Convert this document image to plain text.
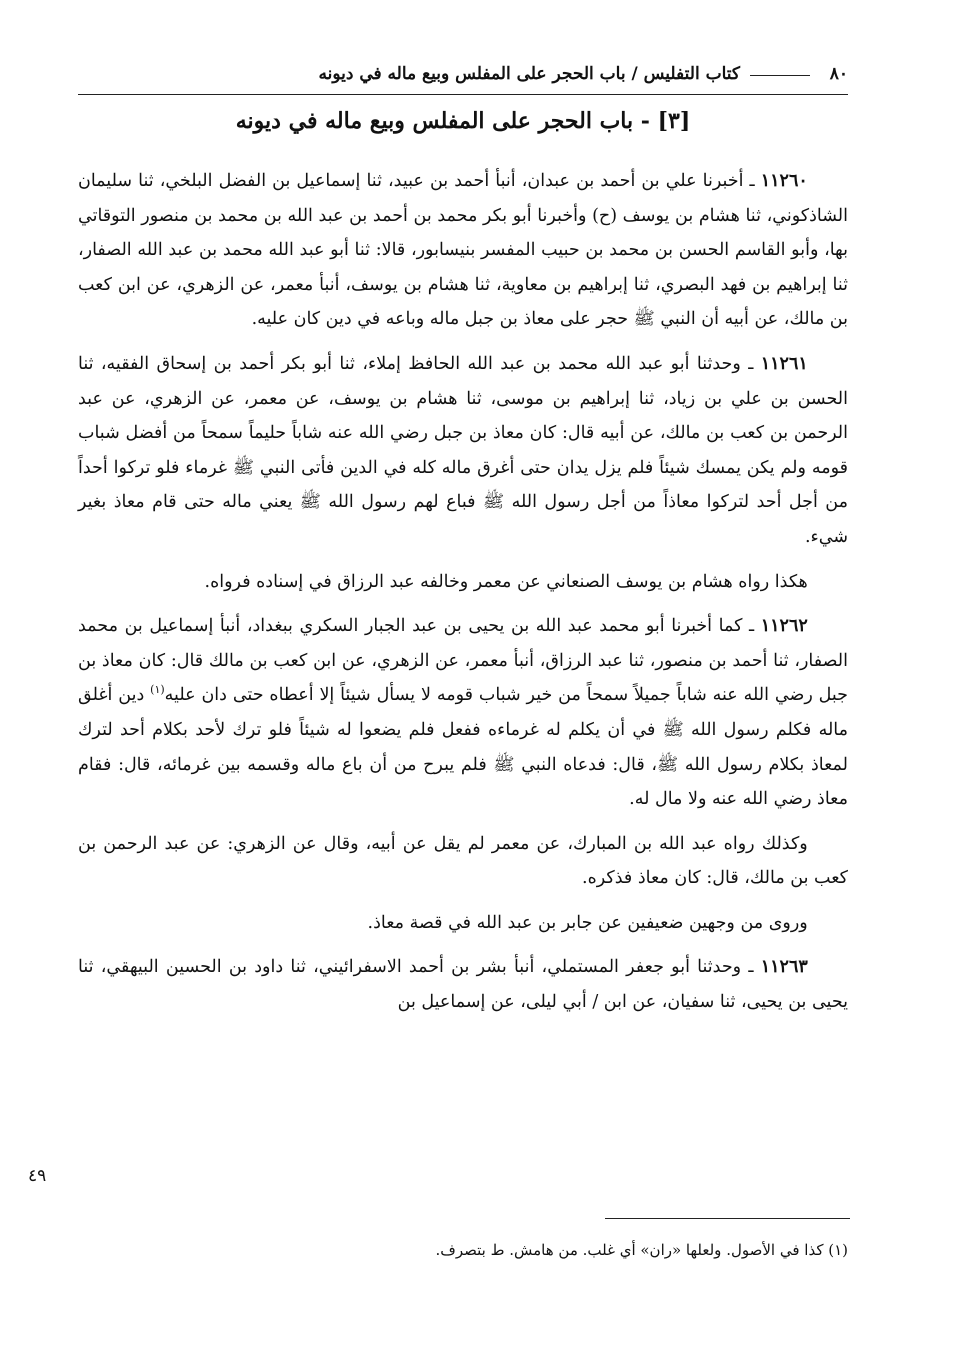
٨٠
كتاب التفليس / باب الحجر على المفلس وبيع ماله في ديونه
[٣] - باب الحجر على المفلس وبيع ماله في ديونه

١١٢٦٠ ـ أخبرنا علي بن أحمد بن عبدان، أنبأ أحمد بن عبيد، ثنا إسماعيل بن الفضل البلخي، ثنا سليمان الشاذكوني، ثنا هشام بن يوسف (ح) وأخبرنا أبو بكر محمد بن أحمد بن عبد الله بن محمد بن منصور التوقاتي بها، وأبو القاسم الحسن بن محمد بن حبيب المفسر بنيسابور، قالا: ثنا أبو عبد الله محمد بن عبد الله الصفار، ثنا إبراهيم بن فهد البصري، ثنا إبراهيم بن معاوية، ثنا هشام بن يوسف، أنبأ معمر، عن الزهري، عن ابن كعب بن مالك، عن أبيه أن النبي ﷺ حجر على معاذ بن جبل ماله وباعه في دين كان عليه.

١١٢٦١ ـ وحدثنا أبو عبد الله محمد بن عبد الله الحافظ إملاء، ثنا أبو بكر أحمد بن إسحاق الفقيه، ثنا الحسن بن علي بن زياد، ثنا إبراهيم بن موسى، ثنا هشام بن يوسف، عن معمر، عن الزهري، عن عبد الرحمن بن كعب بن مالك، عن أبيه قال: كان معاذ بن جبل رضي الله عنه شاباً حليماً سمحاً من أفضل شباب قومه ولم يكن يمسك شيئاً فلم يزل يدان حتى أغرق ماله كله في الدين فأتى النبي ﷺ غرماء فلو تركوا أحداً من أجل أحد لتركوا معاذاً من أجل رسول الله ﷺ فباع لهم رسول الله ﷺ يعني ماله حتى قام معاذ بغير شيء.

هكذا رواه هشام بن يوسف الصنعاني عن معمر وخالفه عبد الرزاق في إسناده فرواه.

١١٢٦٢ ـ كما أخبرنا أبو محمد عبد الله بن يحيى بن عبد الجبار السكري ببغداد، أنبأ إسماعيل بن محمد الصفار، ثنا أحمد بن منصور، ثنا عبد الرزاق، أنبأ معمر، عن الزهري، عن ابن كعب بن مالك قال: كان معاذ بن جبل رضي الله عنه شاباً جميلاً سمحاً من خير شباب قومه لا يسأل شيئاً إلا أعطاه حتى دان عليه$^{(١)}$ دين أغلق ماله فكلم رسول الله ﷺ في أن يكلم له غرماءه ففعل فلم يضعوا له شيئاً فلو ترك لأحد بكلام أحد لترك لمعاذ بكلام رسول الله ﷺ، قال: فدعاه النبي ﷺ فلم يبرح من أن باع ماله وقسمه بين غرمائه، قال: فقام معاذ رضي الله عنه ولا مال له.

وكذلك رواه عبد الله بن المبارك، عن معمر لم يقل عن أبيه، وقال عن الزهري: عن عبد الرحمن بن كعب بن مالك، قال: كان معاذ فذكره.

وروى من وجهين ضعيفين عن جابر بن عبد الله في قصة معاذ.

١١٢٦٣ ـ وحدثنا أبو جعفر المستملي، أنبأ بشر بن أحمد الاسفرائيني، ثنا داود بن الحسين البيهقي، ثنا يحيى بن يحيى، ثنا سفيان، عن ابن / أبي ليلى، عن إسماعيل بن

٤٩
(١) كذا في الأصول. ولعلها «ران» أي غلب. من هامش. ط بتصرف.
